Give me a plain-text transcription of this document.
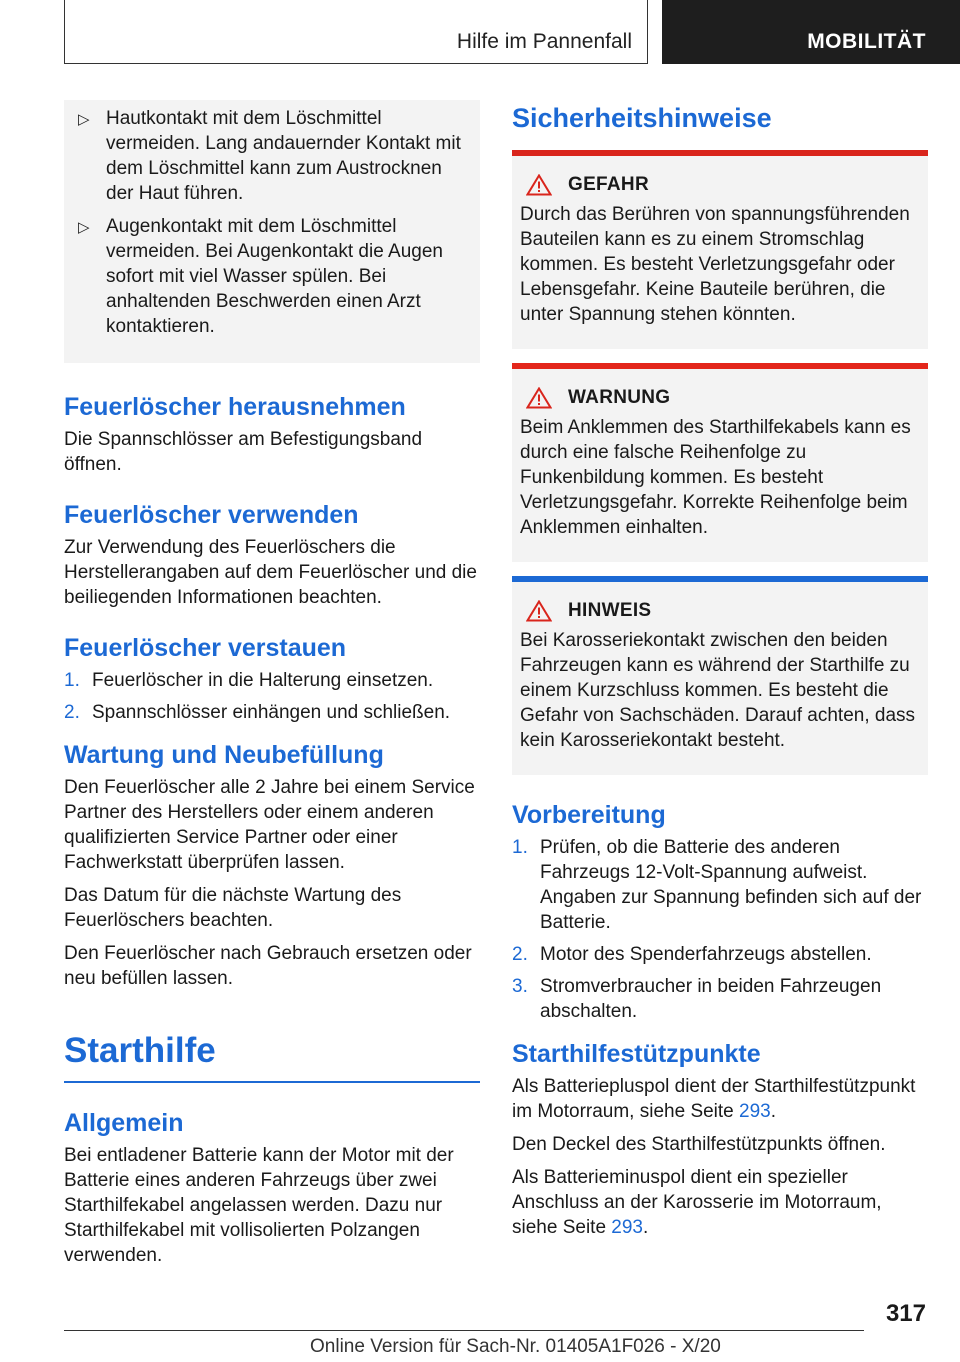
Hilfe im Pannenfall	MOBILITÄT
▷ Hautkontakt mit dem Löschmittel vermeiden. Lang andauernder Kontakt mit dem Löschmittel kann zum Austrocknen der Haut führen.
▷ Augenkontakt mit dem Löschmittel vermeiden. Bei Augenkontakt die Augen sofort mit viel Wasser spülen. Bei anhaltenden Beschwerden einen Arzt kontaktieren.
Feuerlöscher herausnehmen

Die Spannschlösser am Befestigungsband öffnen.

Feuerlöscher verwenden

Zur Verwendung des Feuerlöschers die Herstellerangaben auf dem Feuerlöscher und die beiliegenden Informationen beachten.

Feuerlöscher verstauen
1. Feuerlöscher in die Halterung einsetzen.
2. Spannschlösser einhängen und schließen.
Wartung und Neubefüllung

Den Feuerlöscher alle 2 Jahre bei einem Service Partner des Herstellers oder einem anderen qualifizierten Service Partner oder einer Fachwerkstatt überprüfen lassen.

Das Datum für die nächste Wartung des Feuerlöschers beachten.

Den Feuerlöscher nach Gebrauch ersetzen oder neu befüllen lassen.

Starthilfe
Allgemein

Bei entladener Batterie kann der Motor mit der Batterie eines anderen Fahrzeugs über zwei Starthilfekabel angelassen werden. Dazu nur Starthilfekabel mit vollisolierten Polzangen verwenden.

Sicherheitshinweise
GEFAHR

Durch das Berühren von spannungsführenden Bauteilen kann es zu einem Stromschlag kommen. Es besteht Verletzungsgefahr oder Lebensgefahr. Keine Bauteile berühren, die unter Spannung stehen könnten.

WARNUNG

Beim Anklemmen des Starthilfekabels kann es durch eine falsche Reihenfolge zu Funkenbildung kommen. Es besteht Verletzungsgefahr. Korrekte Reihenfolge beim Anklemmen einhalten.

HINWEIS

Bei Karosseriekontakt zwischen den beiden Fahrzeugen kann es während der Starthilfe zu einem Kurzschluss kommen. Es besteht die Gefahr von Sachschäden. Darauf achten, dass kein Karosseriekontakt besteht.

Vorbereitung
1. Prüfen, ob die Batterie des anderen Fahrzeugs 12-Volt-Spannung aufweist. Angaben zur Spannung befinden sich auf der Batterie.
2. Motor des Spenderfahrzeugs abstellen.
3. Stromverbraucher in beiden Fahrzeugen abschalten.
Starthilfestützpunkte

Als Batteriepluspol dient der Starthilfestützpunkt im Motorraum, siehe Seite 293.

Den Deckel des Starthilfestützpunkts öffnen.

Als Batterieminuspol dient ein spezieller Anschluss an der Karosserie im Motorraum, siehe Seite 293.

317
Online Version für Sach-Nr. 01405A1F026 - X/20
